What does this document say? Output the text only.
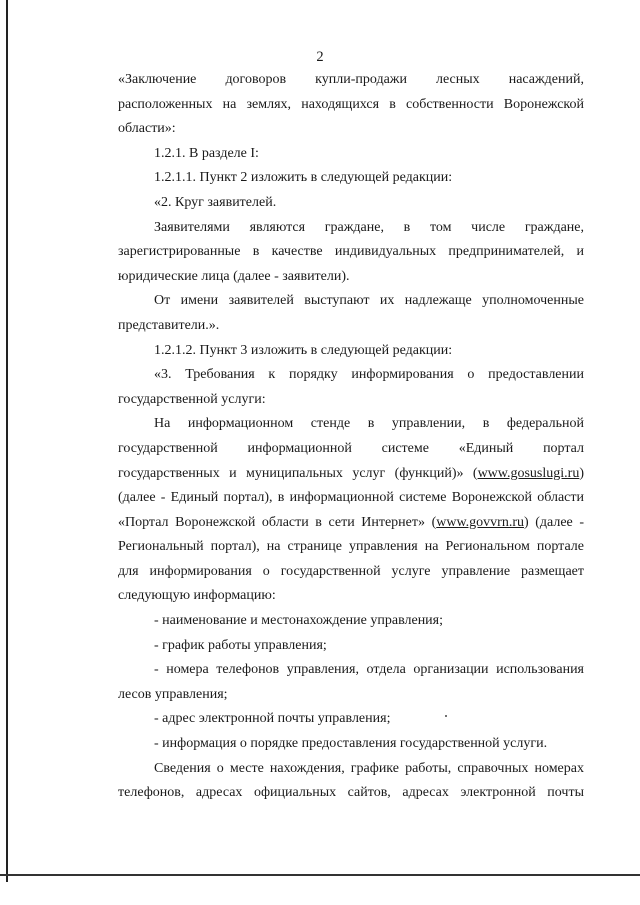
2
«Заключение договоров купли-продажи лесных насаждений,
расположенных на землях, находящихся в собственности Воронежской
области»:
1.2.1. В разделе I:
1.2.1.1. Пункт 2 изложить в следующей редакции:
«2. Круг заявителей.
Заявителями являются граждане, в том числе граждане,
зарегистрированные в качестве индивидуальных предпринимателей, и
юридические лица (далее - заявители).
От имени заявителей выступают их надлежаще уполномоченные
представители.».
1.2.1.2. Пункт 3 изложить в следующей редакции:
«3. Требования к порядку информирования о предоставлении
государственной услуги:
На информационном стенде в управлении, в федеральной
государственной информационной системе «Единый портал
государственных и муниципальных услуг (функций)» (www.gosuslugi.ru)
(далее - Единый портал), в информационной системе Воронежской области
«Портал Воронежской области в сети Интернет» (www.govvrn.ru) (далее -
Региональный портал), на странице управления на Региональном портале
для информирования о государственной услуге управление размещает
следующую информацию:
- наименование и местонахождение управления;
- график работы управления;
- номера телефонов управления, отдела организации использования
лесов управления;
- адрес электронной почты управления;
- информация о порядке предоставления государственной услуги.
Сведения о месте нахождения, графике работы, справочных номерах
телефонов, адресах официальных сайтов, адресах электронной почты
